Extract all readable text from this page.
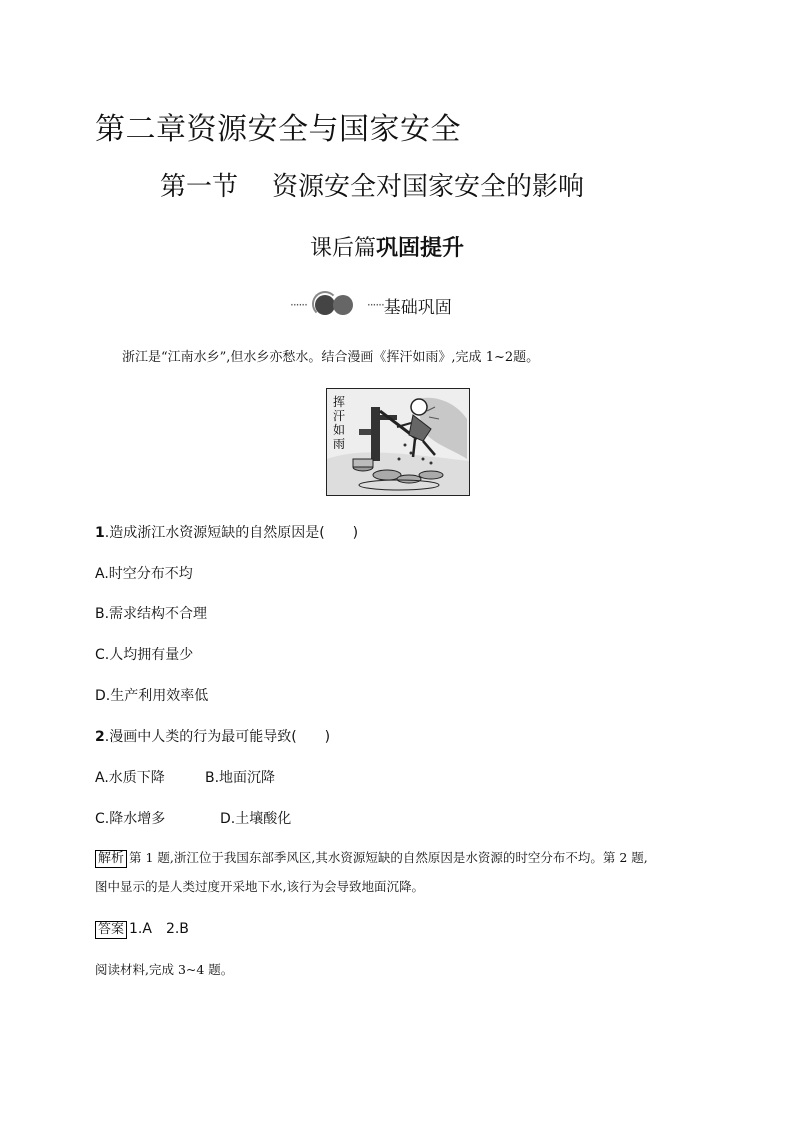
第二章资源安全与国家安全
第一节 资源安全对国家安全的影响
课后篇巩固提升
······	······ 基础巩固
浙江是“江南水乡”,但水乡亦愁水。结合漫画《挥汗如雨》,完成 1~2题。
挥汗如雨
1.造成浙江水资源短缺的自然原因是(　　)
A.时空分布不均
B.需求结构不合理
C.人均拥有量少
D.生产利用效率低
2.漫画中人类的行为最可能导致(　　)
A.水质下降	B.地面沉降
C.降水增多	D.土壤酸化
解析 第 1 题,浙江位于我国东部季风区,其水资源短缺的自然原因是水资源的时空分布不均。第 2 题,
图中显示的是人类过度开采地下水,该行为会导致地面沉降。
答案 1.A　2.B
阅读材料,完成 3~4 题。
